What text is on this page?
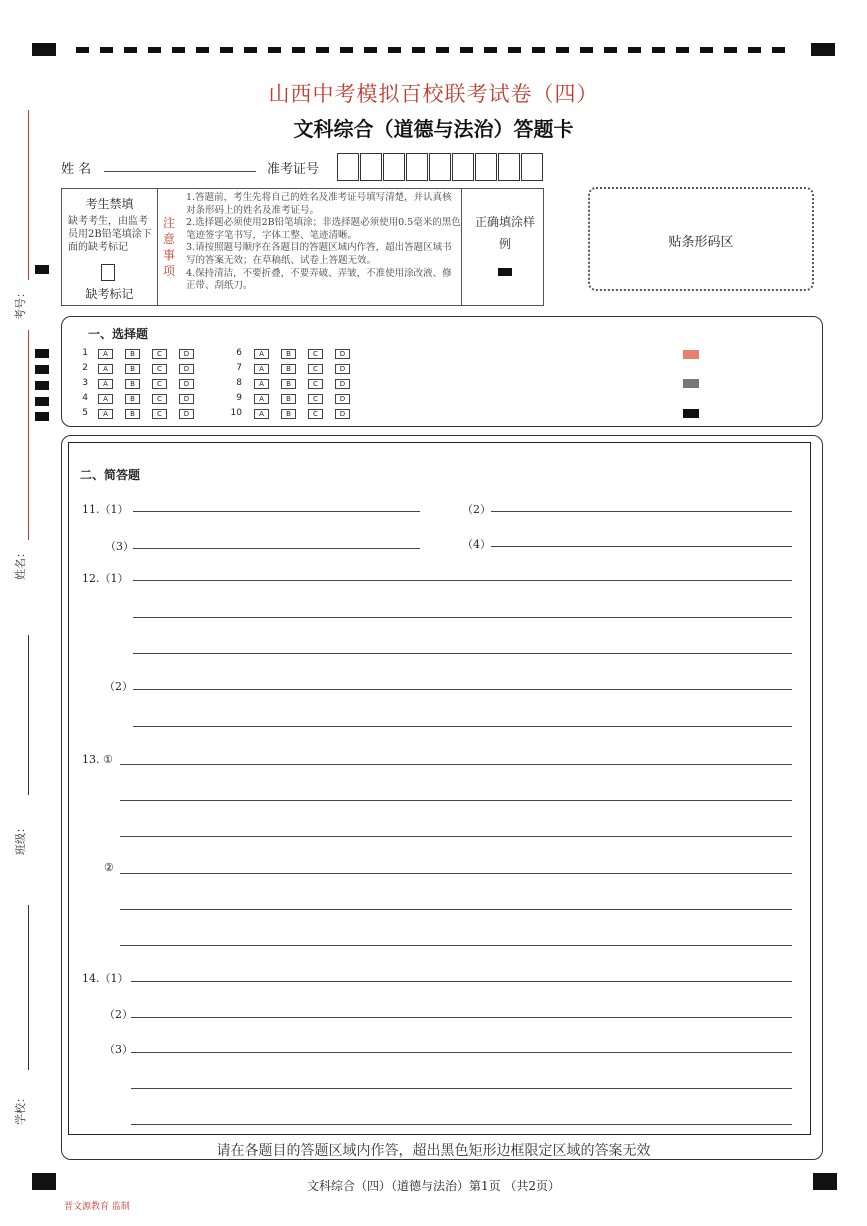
山西中考模拟百校联考试卷（四）
文科综合（道德与法治）答题卡
姓 名	准考证号
考生禁填
缺考考生，由监考员用2B铅笔填涂下面的缺考标记
缺考标记
注意事项
1.答题前，考生先将自己的姓名及准考证号填写清楚，并认真核对条形码上的姓名及准考证号。
2.选择题必须使用2B铅笔填涂；非选择题必须使用0.5毫米的黑色笔迹签字笔书写，字体工整、笔迹清晰。
3.请按照题号顺序在各题目的答题区域内作答，超出答题区域书写的答案无效；在草稿纸、试卷上答题无效。
4.保持清洁，不要折叠，不要弄破、弄皱，不准使用涂改液、修正带、刮纸刀。
正确填涂样例	贴条形码区
考号：
姓名：
班级：
学校：
一、选择题
1	A	B	C	D
2	A	B	C	D
3	A	B	C	D
4	A	B	C	D
5	A	B	C	D
6	A	B	C	D
7	A	B	C	D
8	A	B	C	D
9	A	B	C	D
10	A	B	C	D
二、简答题
11.（1）	（2）
（3）	（4）
12.（1）
（2）
13. ①
②
14.（1）
（2）
（3）
请在各题目的答题区域内作答，超出黑色矩形边框限定区域的答案无效
文科综合（四）（道德与法治）第1页 （共2页）
晋文源教育 监制
